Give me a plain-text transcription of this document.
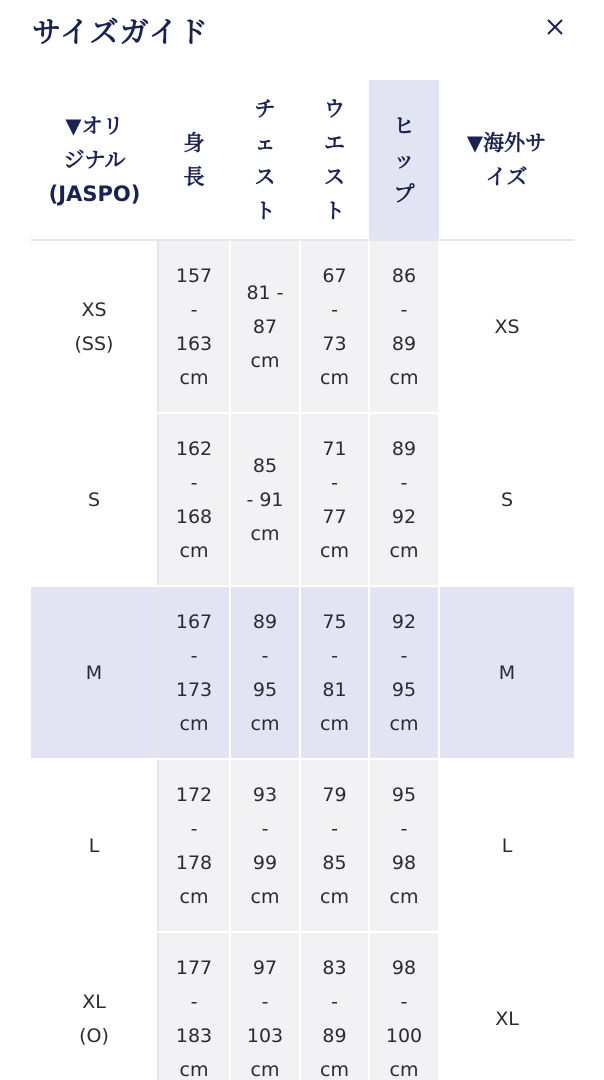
サイズガイド
▼オリ
ジナル
(JASPO)	身
長	チ
ェ
ス
ト	ウ
エ
ス
ト	ヒ
ッ
プ	▼海外サ
イズ

XS
(SS)	157
-
163
cm	81 -
87
cm	67
-
73
cm	86
-
89
cm	XS

S	162
-
168
cm	85
- 91
cm	71
-
77
cm	89
-
92
cm	S

M	167
-
173
cm	89
-
95
cm	75
-
81
cm	92
-
95
cm	M

L	172
-
178
cm	93
-
99
cm	79
-
85
cm	95
-
98
cm	L

XL
(O)	177
-
183
cm	97
-
103
cm	83
-
89
cm	98
-
100
cm	XL
